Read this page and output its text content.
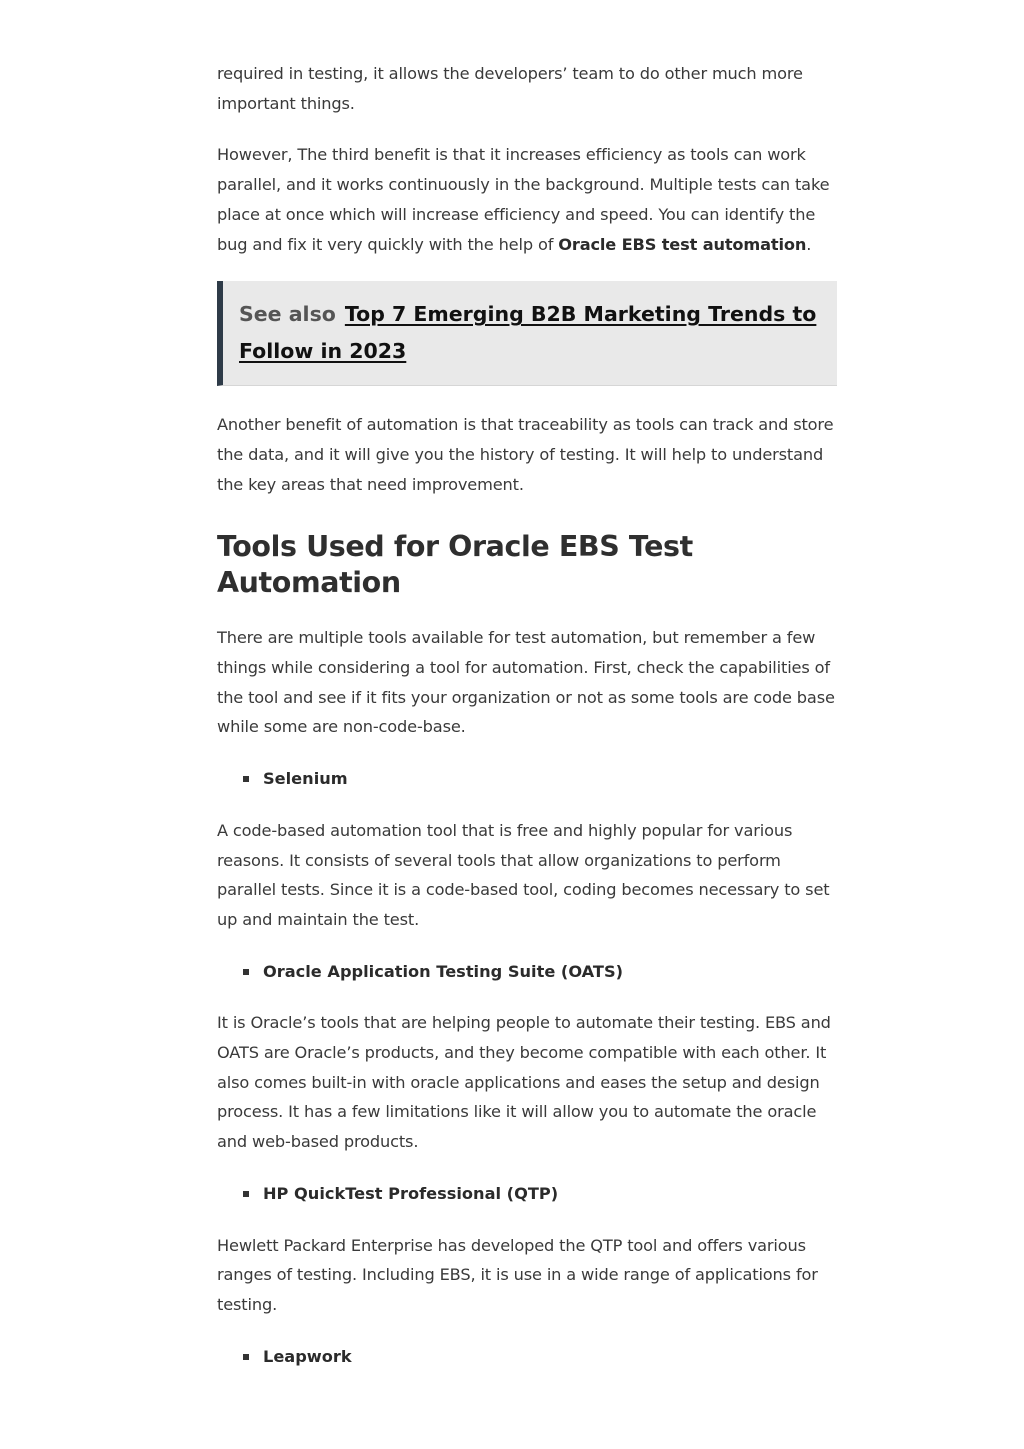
required in testing, it allows the developers’ team to do other much more important things.

However, The third benefit is that it increases efficiency as tools can work parallel, and it works continuously in the background. Multiple tests can take place at once which will increase efficiency and speed. You can identify the bug and fix it very quickly with the help of Oracle EBS test automation.

See also Top 7 Emerging B2B Marketing Trends to Follow in 2023

Another benefit of automation is that traceability as tools can track and store the data, and it will give you the history of testing. It will help to understand the key areas that need improvement.

Tools Used for Oracle EBS Test Automation

There are multiple tools available for test automation, but remember a few things while considering a tool for automation. First, check the capabilities of the tool and see if it fits your organization or not as some tools are code base while some are non-code-base.

Selenium

A code-based automation tool that is free and highly popular for various reasons. It consists of several tools that allow organizations to perform parallel tests. Since it is a code-based tool, coding becomes necessary to set up and maintain the test.

Oracle Application Testing Suite (OATS)

It is Oracle’s tools that are helping people to automate their testing. EBS and OATS are Oracle’s products, and they become compatible with each other. It also comes built-in with oracle applications and eases the setup and design process. It has a few limitations like it will allow you to automate the oracle and web-based products.

HP QuickTest Professional (QTP)

Hewlett Packard Enterprise has developed the QTP tool and offers various ranges of testing. Including EBS, it is use in a wide range of applications for testing.

Leapwork
